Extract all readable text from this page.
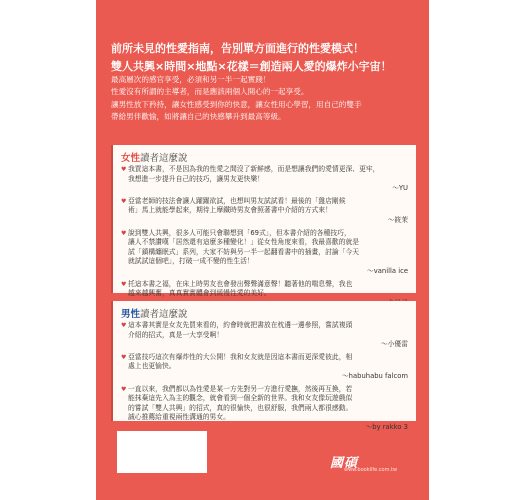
前所未見的性愛指南，告別單方面進行的性愛模式！
雙人共興×時間×地點×花樣＝創造兩人愛的爆炸小宇宙！
最高層次的感官享受，必須和另一半一起實踐！
性愛沒有所謂的主導者，而是應該兩個人開心的一起享受。
讓男性放下矜持，讓女性感受到你的快意，讓女性用心學習，用自己的雙手
帶給男伴歡愉，如將讓自己的快感攀升到最高等級。
女性讀者這麼說
♥ 我買這本書，不是因為我的性愛之間沒了新鮮感，而是想讓我們的愛情更深、更牢，
我想進一步提升自己的技巧，讓男友更快樂！
～YU
♥ 亞當老師的技法會讓人躍躍欲試，也想叫男友試試看！最後的「盤店剛候
術」馬上就能學起來，期待上摩鐵時男友會照著書中介紹的方式來！
～筱茉
♥ 說到雙人共興，很多人可能只會聯想到「69式」，但本書介紹的各種技巧，
讓人不禁讚嘆「居然還有這麼多種變化！」從女性角度來看，我最喜歡的就是
試「鎮構纏眠式」系列，大家不妨與另一半一起翻看書中的插畫，討論「今天
就試試這個吧」，打破一成不變的性生活！
～vanilla ice
♥ 托這本書之福，在床上時男友也會發出聲聲滿意聲！聽著他的喘息聲，我也
越來越興奮，真真實實體會到緩慢性愛的美好。
男性讀者這麼說
♥ 這本書其實是女友先買來看的，約會時就把書放在枕邊一邊參照，嘗試複頭
介紹的招式，真是一大享受啊！
～小優雷
♥ 亞當技巧這次有爆炸性的大公開！我和女友就是因這本書而更深愛彼此，相
處上也更愉快。
～habuhabu falcom
♥ 一直以來，我們都以為性愛是某一方先對另一方進行愛撫，然後再互換，若
能抹棄這先入為主的觀念，就會看到一個全新的世界。我和女友像玩遊戲似
的嘗試「雙人共興」的招式，真的很愉快，也很舒服，我們兩人都很感動。
誠心推薦給重視兩性溝通的男女。
～by rakko 3
國碩
www.booklife.com.tw
